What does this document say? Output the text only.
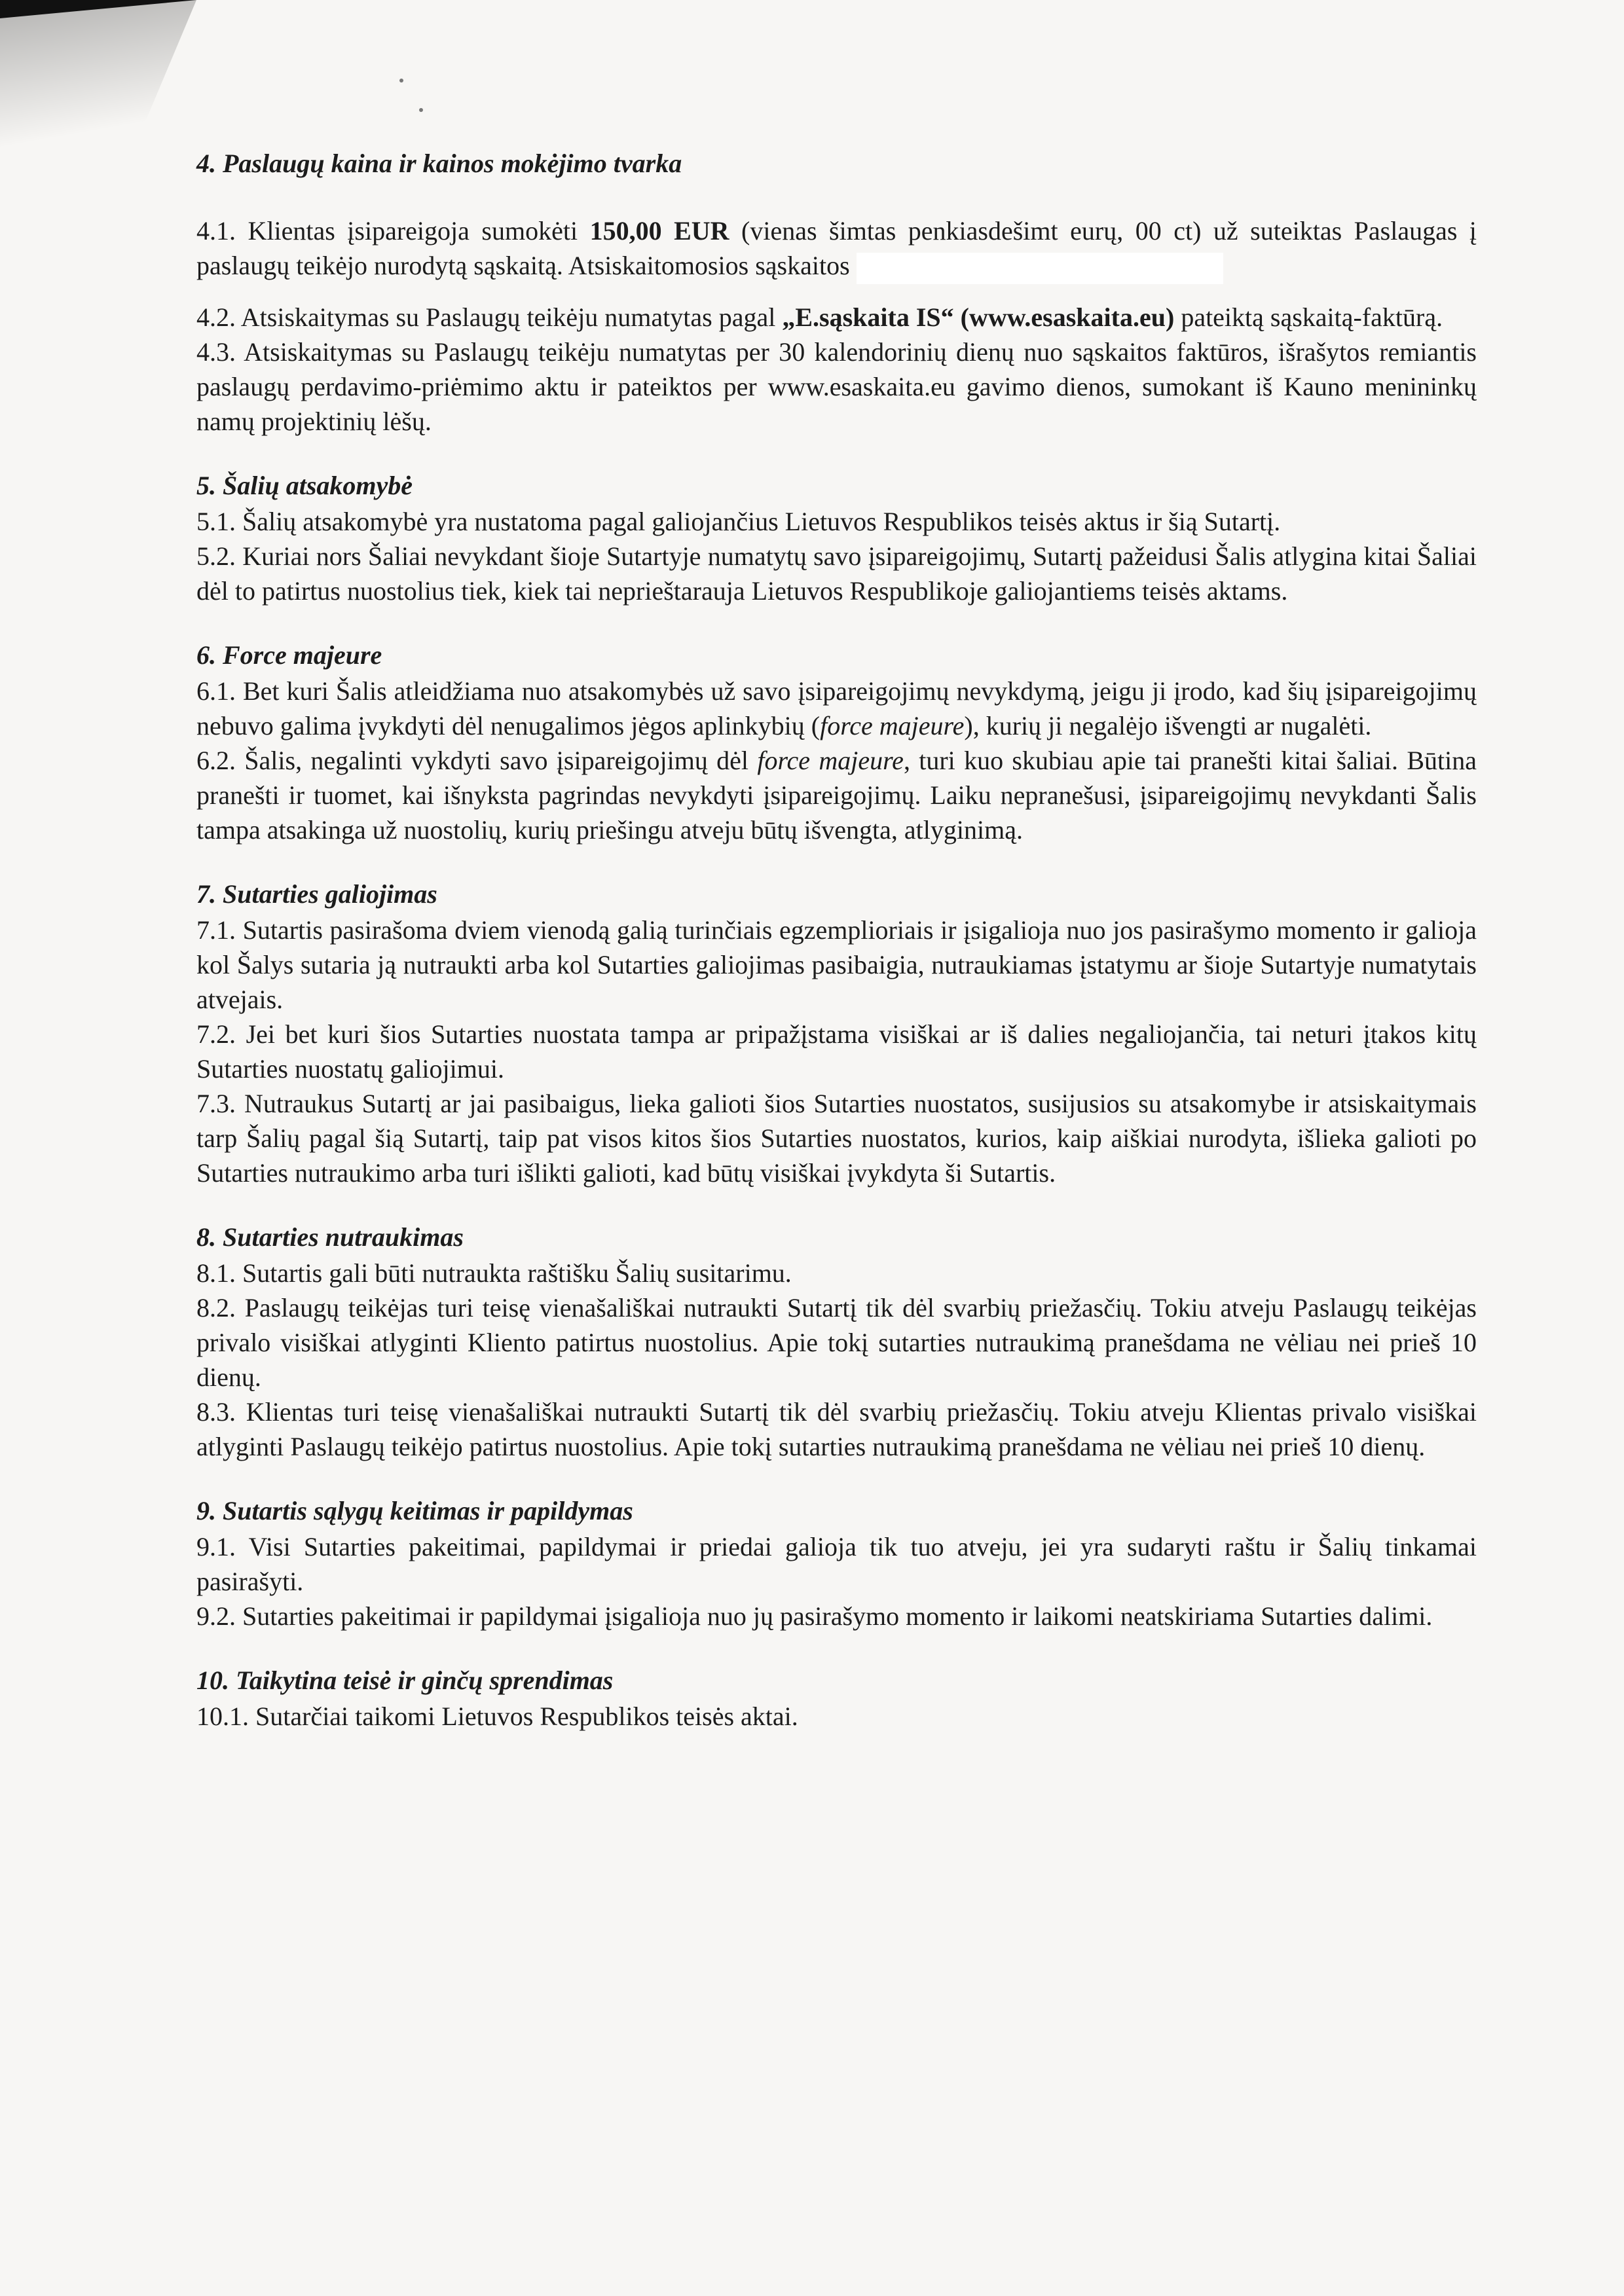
4. Paslaugų kaina ir kainos mokėjimo tvarka

4.1. Klientas įsipareigoja sumokėti 150,00 EUR (vienas šimtas penkiasdešimt eurų, 00 ct) už suteiktas Paslaugas į paslaugų teikėjo nurodytą sąskaitą. Atsiskaitomosios sąskaitos

4.2. Atsiskaitymas su Paslaugų teikėju numatytas pagal „E.sąskaita IS“ (www.esaskaita.eu) pateiktą sąskaitą-faktūrą.

4.3. Atsiskaitymas su Paslaugų teikėju numatytas per 30 kalendorinių dienų nuo sąskaitos faktūros, išrašytos remiantis paslaugų perdavimo-priėmimo aktu ir pateiktos per www.esaskaita.eu gavimo dienos, sumokant iš Kauno menininkų namų projektinių lėšų.

5. Šalių atsakomybė

5.1. Šalių atsakomybė yra nustatoma pagal galiojančius Lietuvos Respublikos teisės aktus ir šią Sutartį.

5.2. Kuriai nors Šaliai nevykdant šioje Sutartyje numatytų savo įsipareigojimų, Sutartį pažeidusi Šalis atlygina kitai Šaliai dėl to patirtus nuostolius tiek, kiek tai neprieštarauja Lietuvos Respublikoje galiojantiems teisės aktams.

6. Force majeure

6.1. Bet kuri Šalis atleidžiama nuo atsakomybės už savo įsipareigojimų nevykdymą, jeigu ji įrodo, kad šių įsipareigojimų nebuvo galima įvykdyti dėl nenugalimos jėgos aplinkybių (force majeure), kurių ji negalėjo išvengti ar nugalėti.

6.2. Šalis, negalinti vykdyti savo įsipareigojimų dėl force majeure, turi kuo skubiau apie tai pranešti kitai šaliai. Būtina pranešti ir tuomet, kai išnyksta pagrindas nevykdyti įsipareigojimų. Laiku nepranešusi, įsipareigojimų nevykdanti Šalis tampa atsakinga už nuostolių, kurių priešingu atveju būtų išvengta, atlyginimą.

7. Sutarties galiojimas

7.1. Sutartis pasirašoma dviem vienodą galią turinčiais egzemplioriais ir įsigalioja nuo jos pasirašymo momento ir galioja kol Šalys sutaria ją nutraukti arba kol Sutarties galiojimas pasibaigia, nutraukiamas įstatymu ar šioje Sutartyje numatytais atvejais.

7.2. Jei bet kuri šios Sutarties nuostata tampa ar pripažįstama visiškai ar iš dalies negaliojančia, tai neturi įtakos kitų Sutarties nuostatų galiojimui.

7.3. Nutraukus Sutartį ar jai pasibaigus, lieka galioti šios Sutarties nuostatos, susijusios su atsakomybe ir atsiskaitymais tarp Šalių pagal šią Sutartį, taip pat visos kitos šios Sutarties nuostatos, kurios, kaip aiškiai nurodyta, išlieka galioti po Sutarties nutraukimo arba turi išlikti galioti, kad būtų visiškai įvykdyta ši Sutartis.

8. Sutarties nutraukimas

8.1. Sutartis gali būti nutraukta raštišku Šalių susitarimu.

8.2. Paslaugų teikėjas turi teisę vienašališkai nutraukti Sutartį tik dėl svarbių priežasčių. Tokiu atveju Paslaugų teikėjas privalo visiškai atlyginti Kliento patirtus nuostolius. Apie tokį sutarties nutraukimą pranešdama ne vėliau nei prieš 10 dienų.

8.3. Klientas turi teisę vienašališkai nutraukti Sutartį tik dėl svarbių priežasčių. Tokiu atveju Klientas privalo visiškai atlyginti Paslaugų teikėjo patirtus nuostolius. Apie tokį sutarties nutraukimą pranešdama ne vėliau nei prieš 10 dienų.

9. Sutartis sąlygų keitimas ir papildymas

9.1. Visi Sutarties pakeitimai, papildymai ir priedai galioja tik tuo atveju, jei yra sudaryti raštu ir Šalių tinkamai pasirašyti.

9.2. Sutarties pakeitimai ir papildymai įsigalioja nuo jų pasirašymo momento ir laikomi neatskiriama Sutarties dalimi.

10. Taikytina teisė ir ginčų sprendimas

10.1. Sutarčiai taikomi Lietuvos Respublikos teisės aktai.
